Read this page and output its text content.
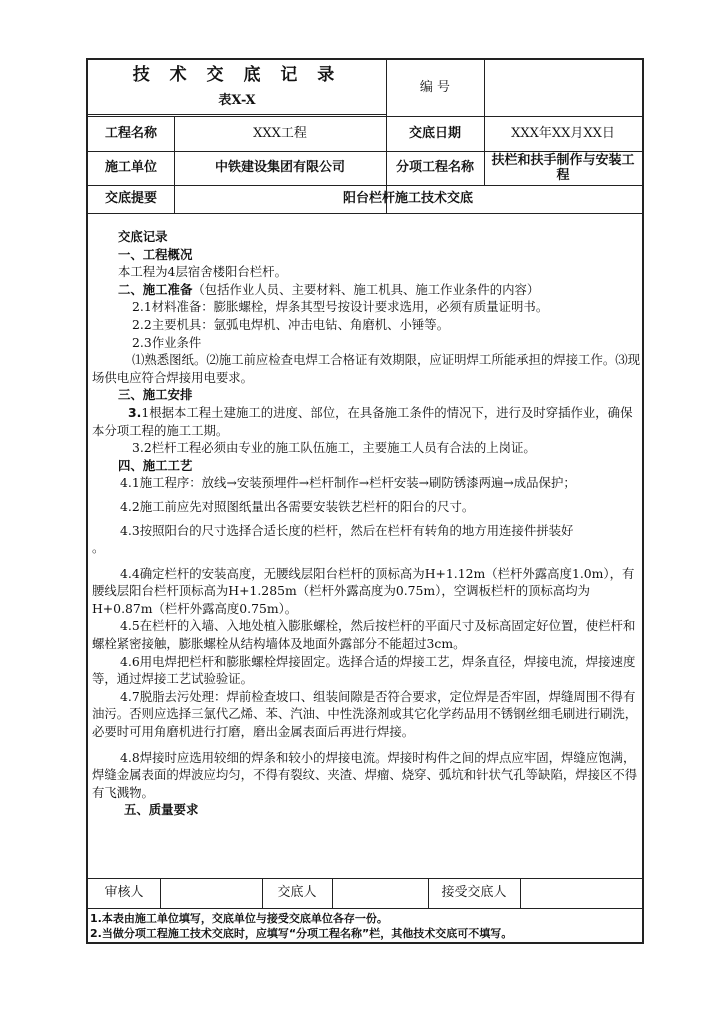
技 术 交 底 记 录
表X-X
编 号
工程名称	XXX工程	交底日期	XXX年XX月XX日
施工单位	中铁建设集团有限公司	分项工程名称	扶栏和扶手制作与安装工程
交底提要	阳台栏杆施工技术交底

交底记录

一、工程概况

本工程为4层宿舍楼阳台栏杆。

二、施工准备（包括作业人员、主要材料、施工机具、施工作业条件的内容）

2.1材料准备：膨胀螺栓，焊条其型号按设计要求选用，必须有质量证明书。

2.2主要机具：氩弧电焊机、冲击电钻、角磨机、小锤等。

2.3作业条件

⑴熟悉图纸。⑵施工前应检查电焊工合格证有效期限，应证明焊工所能承担的焊接工作。⑶现场供电应符合焊接用电要求。

三、施工安排

3.1根据本工程土建施工的进度、部位，在具备施工条件的情况下，进行及时穿插作业，确保本分项工程的施工工期。

3.2栏杆工程必须由专业的施工队伍施工，主要施工人员有合法的上岗证。

四、施工工艺

4.1施工程序：放线→安装预埋件→栏杆制作→栏杆安装→刷防锈漆两遍→成品保护；

4.2施工前应先对照图纸量出各需要安装铁艺栏杆的阳台的尺寸。

4.3按照阳台的尺寸选择合适长度的栏杆，然后在栏杆有转角的地方用连接件拼装好

。

4.4确定栏杆的安装高度，无腰线层阳台栏杆的顶标高为H+1.12m（栏杆外露高度1.0m），有腰线层阳台栏杆顶标高为H+1.285m（栏杆外露高度为0.75m），空调板栏杆的顶标高均为H+0.87m（栏杆外露高度0.75m）。

4.5在栏杆的入墙、入地处植入膨胀螺栓，然后按栏杆的平面尺寸及标高固定好位置，使栏杆和螺栓紧密接触，膨胀螺栓从结构墙体及地面外露部分不能超过3cm。

4.6用电焊把栏杆和膨胀螺栓焊接固定。选择合适的焊接工艺，焊条直径，焊接电流，焊接速度等，通过焊接工艺试验验证。

4.7脱脂去污处理：焊前检查坡口、组装间隙是否符合要求，定位焊是否牢固，焊缝周围不得有油污。否则应选择三氯代乙烯、苯、汽油、中性洗涤剂或其它化学药品用不锈钢丝细毛刷进行刷洗，必要时可用角磨机进行打磨，磨出金属表面后再进行焊接。

4.8焊接时应选用较细的焊条和较小的焊接电流。焊接时构件之间的焊点应牢固，焊缝应饱满，焊缝金属表面的焊波应均匀，不得有裂纹、夹渣、焊瘤、烧穿、弧坑和针状气孔等缺陷，焊接区不得有飞溅物。

五、质量要求

审核人	交底人	接受交底人
1.本表由施工单位填写，交底单位与接受交底单位各存一份。
2.当做分项工程施工技术交底时，应填写“分项工程名称”栏，其他技术交底可不填写。
